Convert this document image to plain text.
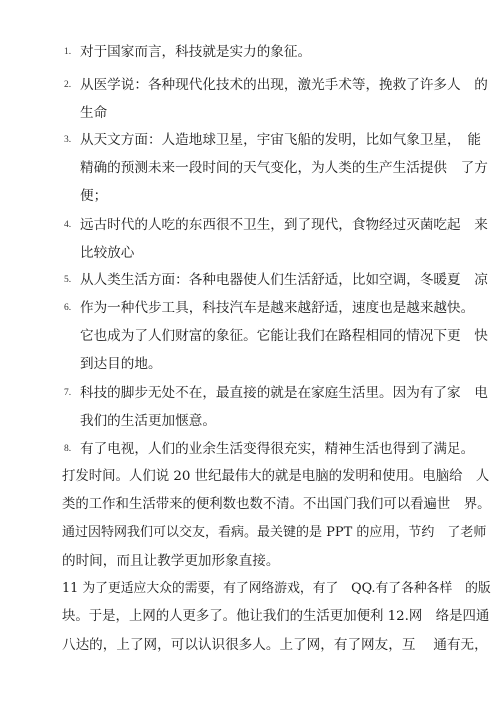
1. 对于国家而言，科技就是实力的象征。
2. 从医学说：各种现代化技术的出现，激光手术等，挽救了许多人　的
生命
3. 从天文方面：人造地球卫星，宇宙飞船的发明，比如气象卫星，　能
精确的预测未来一段时间的天气变化，为人类的生产生活提供　了方
便；
4. 远古时代的人吃的东西很不卫生，到了现代，食物经过灭菌吃起　来
比较放心
5. 从人类生活方面：各种电器使人们生活舒适，比如空调，冬暖夏　凉
6. 作为一种代步工具，科技汽车是越来越舒适，速度也是越来越快。
它也成为了人们财富的象征。它能让我们在路程相同的情况下更　快
到达目的地。
7. 科技的脚步无处不在，最直接的就是在家庭生活里。因为有了家　电
我们的生活更加惬意。
8. 有了电视，人们的业余生活变得很充实，精神生活也得到了满足。
打发时间。人们说 20 世纪最伟大的就是电脑的发明和使用。电脑给　人
类的工作和生活带来的便利数也数不清。不出国门我们可以看遍世　界。
通过因特网我们可以交友，看病。最关键的是 PPT 的应用，节约　了老师
的时间，而且让教学更加形象直接。
11 为了更适应大众的需要，有了网络游戏，有了　QQ.有了各种各样　的版
块。于是，上网的人更多了。他让我们的生活更加便利 12.网　络是四通
八达的，上了网，可以认识很多人。上了网，有了网友，互　 通有无，
